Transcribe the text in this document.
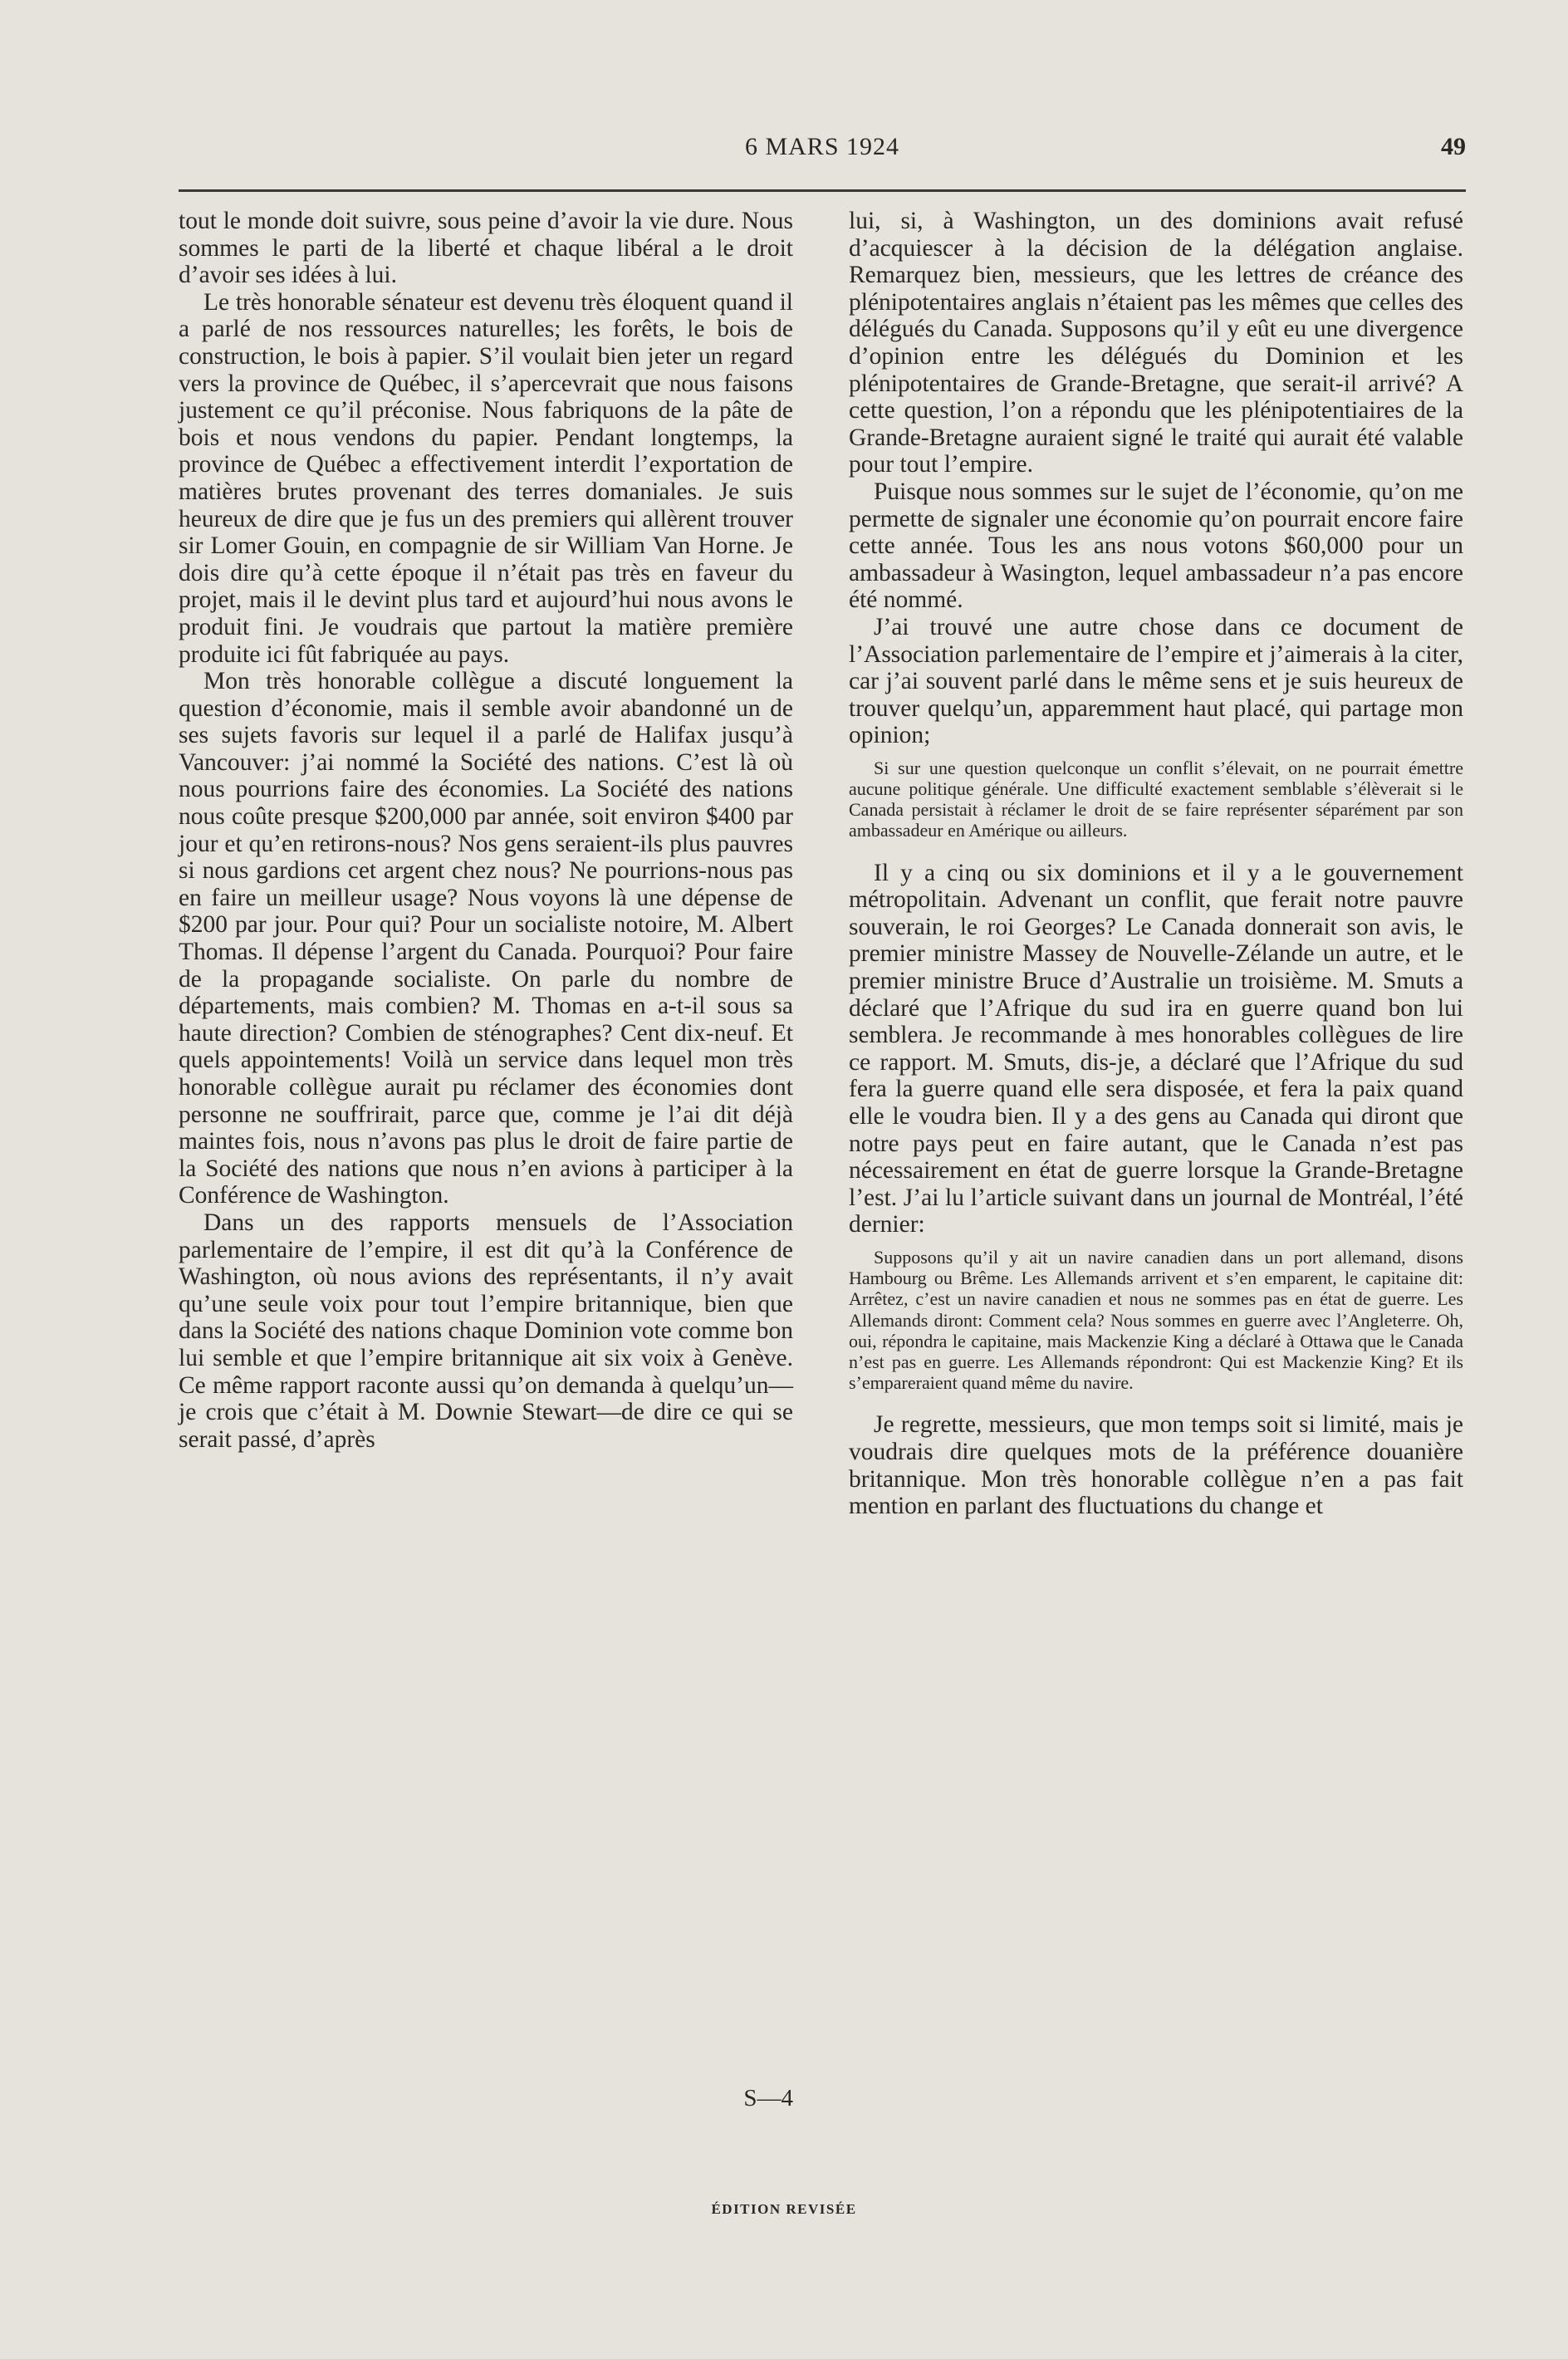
6 MARS 1924	49

tout le monde doit suivre, sous peine d’avoir la vie dure. Nous sommes le parti de la liberté et chaque libéral a le droit d’avoir ses idées à lui.

Le très honorable sénateur est devenu très éloquent quand il a parlé de nos ressources naturelles; les forêts, le bois de construction, le bois à papier. S’il voulait bien jeter un regard vers la province de Québec, il s’apercevrait que nous faisons justement ce qu’il préconise. Nous fabriquons de la pâte de bois et nous vendons du papier. Pendant longtemps, la province de Québec a effectivement interdit l’exportation de matières brutes provenant des terres domaniales. Je suis heureux de dire que je fus un des premiers qui allèrent trouver sir Lomer Gouin, en compagnie de sir William Van Horne. Je dois dire qu’à cette époque il n’était pas très en faveur du projet, mais il le devint plus tard et aujourd’hui nous avons le produit fini. Je voudrais que partout la matière première produite ici fût fabriquée au pays.

Mon très honorable collègue a discuté longuement la question d’économie, mais il semble avoir abandonné un de ses sujets favoris sur lequel il a parlé de Halifax jusqu’à Vancouver: j’ai nommé la Société des nations. C’est là où nous pourrions faire des économies. La Société des nations nous coûte presque $200,000 par année, soit environ $400 par jour et qu’en retirons-nous? Nos gens seraient-ils plus pauvres si nous gardions cet argent chez nous? Ne pourrions-nous pas en faire un meilleur usage? Nous voyons là une dépense de $200 par jour. Pour qui? Pour un socialiste notoire, M. Albert Thomas. Il dépense l’argent du Canada. Pourquoi? Pour faire de la propagande socialiste. On parle du nombre de départements, mais combien? M. Thomas en a-t-il sous sa haute direction? Combien de sténographes? Cent dix-neuf. Et quels appointements! Voilà un service dans lequel mon très honorable collègue aurait pu réclamer des économies dont personne ne souffrirait, parce que, comme je l’ai dit déjà maintes fois, nous n’avons pas plus le droit de faire partie de la Société des nations que nous n’en avions à participer à la Conférence de Washington.

Dans un des rapports mensuels de l’Association parlementaire de l’empire, il est dit qu’à la Conférence de Washington, où nous avions des représentants, il n’y avait qu’une seule voix pour tout l’empire britannique, bien que dans la Société des nations chaque Dominion vote comme bon lui semble et que l’empire britannique ait six voix à Genève. Ce même rapport raconte aussi qu’on demanda à quelqu’un—je crois que c’était à M. Downie Stewart—de dire ce qui se serait passé, d’après

lui, si, à Washington, un des dominions avait refusé d’acquiescer à la décision de la délégation anglaise. Remarquez bien, messieurs, que les lettres de créance des plénipotentaires anglais n’étaient pas les mêmes que celles des délégués du Canada. Supposons qu’il y eût eu une divergence d’opinion entre les délégués du Dominion et les plénipotentaires de Grande-Bretagne, que serait-il arrivé? A cette question, l’on a répondu que les plénipotentiaires de la Grande-Bretagne auraient signé le traité qui aurait été valable pour tout l’empire.

Puisque nous sommes sur le sujet de l’économie, qu’on me permette de signaler une économie qu’on pourrait encore faire cette année. Tous les ans nous votons $60,000 pour un ambassadeur à Wasington, lequel ambassadeur n’a pas encore été nommé.

J’ai trouvé une autre chose dans ce document de l’Association parlementaire de l’empire et j’aimerais à la citer, car j’ai souvent parlé dans le même sens et je suis heureux de trouver quelqu’un, apparemment haut placé, qui partage mon opinion;

Si sur une question quelconque un conflit s’élevait, on ne pourrait émettre aucune politique générale. Une difficulté exactement semblable s’élèverait si le Canada persistait à réclamer le droit de se faire représenter séparément par son ambassadeur en Amérique ou ailleurs.

Il y a cinq ou six dominions et il y a le gouvernement métropolitain. Advenant un conflit, que ferait notre pauvre souverain, le roi Georges? Le Canada donnerait son avis, le premier ministre Massey de Nouvelle-Zélande un autre, et le premier ministre Bruce d’Australie un troisième. M. Smuts a déclaré que l’Afrique du sud ira en guerre quand bon lui semblera. Je recommande à mes honorables collègues de lire ce rapport. M. Smuts, dis-je, a déclaré que l’Afrique du sud fera la guerre quand elle sera disposée, et fera la paix quand elle le voudra bien. Il y a des gens au Canada qui diront que notre pays peut en faire autant, que le Canada n’est pas nécessairement en état de guerre lorsque la Grande-Bretagne l’est. J’ai lu l’article suivant dans un journal de Montréal, l’été dernier:

Supposons qu’il y ait un navire canadien dans un port allemand, disons Hambourg ou Brême. Les Allemands arrivent et s’en emparent, le capitaine dit: Arrêtez, c’est un navire canadien et nous ne sommes pas en état de guerre. Les Allemands diront: Comment cela? Nous sommes en guerre avec l’Angleterre. Oh, oui, répondra le capitaine, mais Mackenzie King a déclaré à Ottawa que le Canada n’est pas en guerre. Les Allemands répondront: Qui est Mackenzie King? Et ils s’empareraient quand même du navire.

Je regrette, messieurs, que mon temps soit si limité, mais je voudrais dire quelques mots de la préférence douanière britannique. Mon très honorable collègue n’en a pas fait mention en parlant des fluctuations du change et

S—4
ÉDITION REVISÉE
